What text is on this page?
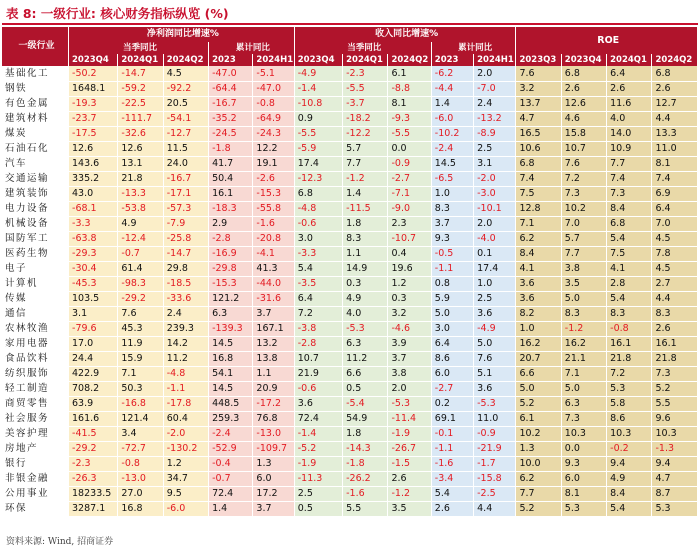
表 8: 一级行业: 核心财务指标纵览 (%)
一级行业	净利润同比增速%					收入同比增速%					ROE			
	当季同比			累计同比		当季同比			累计同比					
	2023Q4	2024Q1	2024Q2	2023	2024H1	2023Q4	2024Q1	2024Q2	2023	2024H1	2023Q3	2023Q4	2024Q1	2024Q2
基础化工	-50.2	-14.7	4.5	-47.0	-5.1	-4.9	-2.3	6.1	-6.2	2.0	7.6	6.8	6.4	6.8
钢铁	1648.1	-59.2	-92.2	-64.4	-47.0	-1.4	-5.5	-8.8	-4.4	-7.0	3.2	2.6	2.6	2.6
有色金属	-19.3	-22.5	20.5	-16.7	-0.8	-10.8	-3.7	8.1	1.4	2.4	13.7	12.6	11.6	12.7
建筑材料	-23.7	-111.7	-54.1	-35.2	-64.9	0.9	-18.2	-9.3	-6.0	-13.2	4.7	4.6	4.0	4.4
煤炭	-17.5	-32.6	-12.7	-24.5	-24.3	-5.5	-12.2	-5.5	-10.2	-8.9	16.5	15.8	14.0	13.3
石油石化	12.6	12.6	11.5	-1.8	12.2	-5.9	5.7	0.0	-2.4	2.5	10.6	10.7	10.9	11.0
汽车	143.6	13.1	24.0	41.7	19.1	17.4	7.7	-0.9	14.5	3.1	6.8	7.6	7.7	8.1
交通运输	335.2	21.8	-16.7	50.4	-2.6	-12.3	-1.2	-2.7	-6.5	-2.0	7.4	7.2	7.4	7.4
建筑装饰	43.0	-13.3	-17.1	16.1	-15.3	6.8	1.4	-7.1	1.0	-3.0	7.5	7.3	7.3	6.9
电力设备	-68.1	-53.8	-57.3	-18.3	-55.8	-4.8	-11.5	-9.0	8.3	-10.1	12.8	10.2	8.4	6.4
机械设备	-3.3	4.9	-7.9	2.9	-1.6	-0.6	1.8	2.3	3.7	2.0	7.1	7.0	6.8	7.0
国防军工	-63.8	-12.4	-25.8	-2.8	-20.8	3.0	8.3	-10.7	9.3	-4.0	6.2	5.7	5.4	4.5
医药生物	-29.3	-0.7	-14.7	-16.9	-4.1	-3.3	1.1	0.4	-0.5	0.1	8.4	7.7	7.5	7.8
电子	-30.4	61.4	29.8	-29.8	41.3	5.4	14.9	19.6	-1.1	17.4	4.1	3.8	4.1	4.5
计算机	-45.3	-98.3	-18.5	-15.3	-44.0	-3.5	0.3	1.2	0.8	1.0	3.6	3.5	2.8	2.7
传媒	103.5	-29.2	-33.6	121.2	-31.6	6.4	4.9	0.3	5.9	2.5	3.6	5.0	5.4	4.4
通信	3.1	7.6	2.4	6.3	3.7	7.2	4.0	3.2	5.0	3.6	8.2	8.3	8.3	8.3
农林牧渔	-79.6	45.3	239.3	-139.3	167.1	-3.8	-5.3	-4.6	3.0	-4.9	1.0	-1.2	-0.8	2.6
家用电器	17.0	11.9	14.2	14.5	13.2	-2.8	6.3	3.9	6.4	5.0	16.2	16.2	16.1	16.1
食品饮料	24.4	15.9	11.2	16.8	13.8	10.7	11.2	3.7	8.6	7.6	20.7	21.1	21.8	21.8
纺织服饰	422.9	7.1	-4.8	54.1	1.1	21.9	6.6	3.8	6.0	5.1	6.6	7.1	7.2	7.3
轻工制造	708.2	50.3	-1.1	14.5	20.9	-0.6	0.5	2.0	-2.7	3.6	5.0	5.0	5.3	5.2
商贸零售	63.9	-16.8	-17.8	448.5	-17.2	3.6	-5.4	-5.3	0.2	-5.3	5.2	6.3	5.8	5.5
社会服务	161.6	121.4	60.4	259.3	76.8	72.4	54.9	-11.4	69.1	11.0	6.1	7.3	8.6	9.6
美容护理	-41.5	3.4	-2.0	-2.4	-13.0	-1.4	1.8	-1.9	-0.1	-0.9	10.2	10.3	10.3	10.3
房地产	-29.2	-72.7	-130.2	-52.9	-109.7	-5.2	-14.3	-26.7	-1.1	-21.9	1.3	0.0	-0.2	-1.3
银行	-2.3	-0.8	1.2	-0.4	1.3	-1.9	-1.8	-1.5	-1.6	-1.7	10.0	9.3	9.4	9.4
非银金融	-26.3	-13.0	34.7	-0.7	6.0	-11.3	-26.2	2.6	-3.4	-15.8	6.2	6.0	4.9	4.7
公用事业	18233.5	27.0	9.5	72.4	17.2	2.5	-1.6	-1.2	5.4	-2.5	7.7	8.1	8.4	8.7
环保	3287.1	16.8	-6.0	1.4	3.7	0.5	5.5	3.5	2.6	4.4	5.2	5.3	5.4	5.3
资料来源: Wind, 招商证券
